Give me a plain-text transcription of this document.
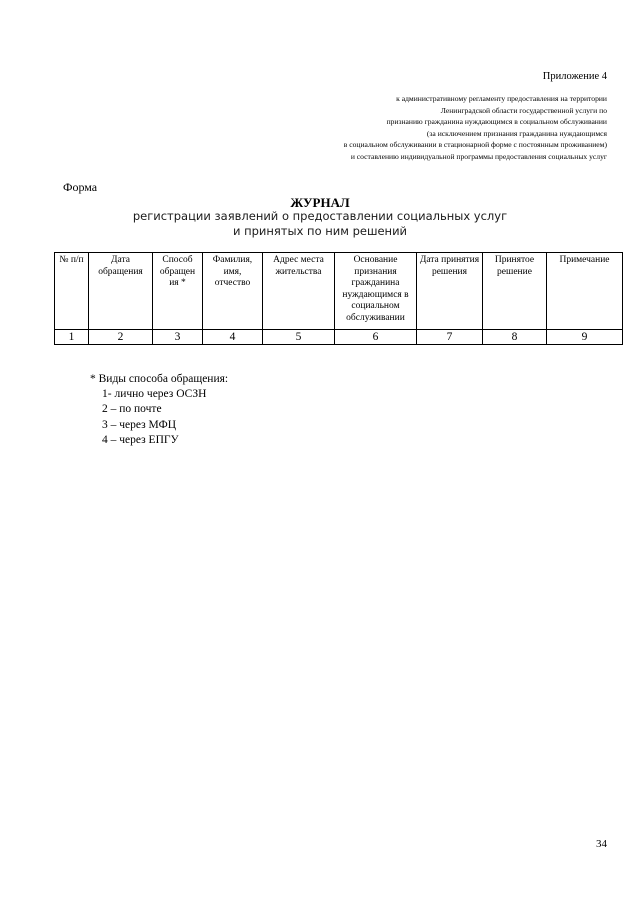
Приложение 4
к административному регламенту предоставления на территории
Ленинградской области государственной услуги по
признанию гражданина нуждающимся в социальном обслуживании
(за исключением признания гражданина нуждающимся
в социальном обслуживании в стационарной форме с постоянным проживанием)
и составлению индивидуальной программы предоставления социальных услуг
Форма
ЖУРНАЛ
регистрации заявлений о предоставлении социальных услуг
и принятых по ним решений
№ п/п	Дата обращения	Способ обращен ия *	Фамилия, имя, отчество	Адрес места жительства	Основание признания гражданина нуждающимся в социальном обслуживании	Дата принятия решения	Принятое решение	Примечание
1	2	3	4	5	6	7	8	9
* Виды способа обращения:
1- лично через ОСЗН
2 – по почте
3 – через МФЦ
4 – через ЕПГУ
34
